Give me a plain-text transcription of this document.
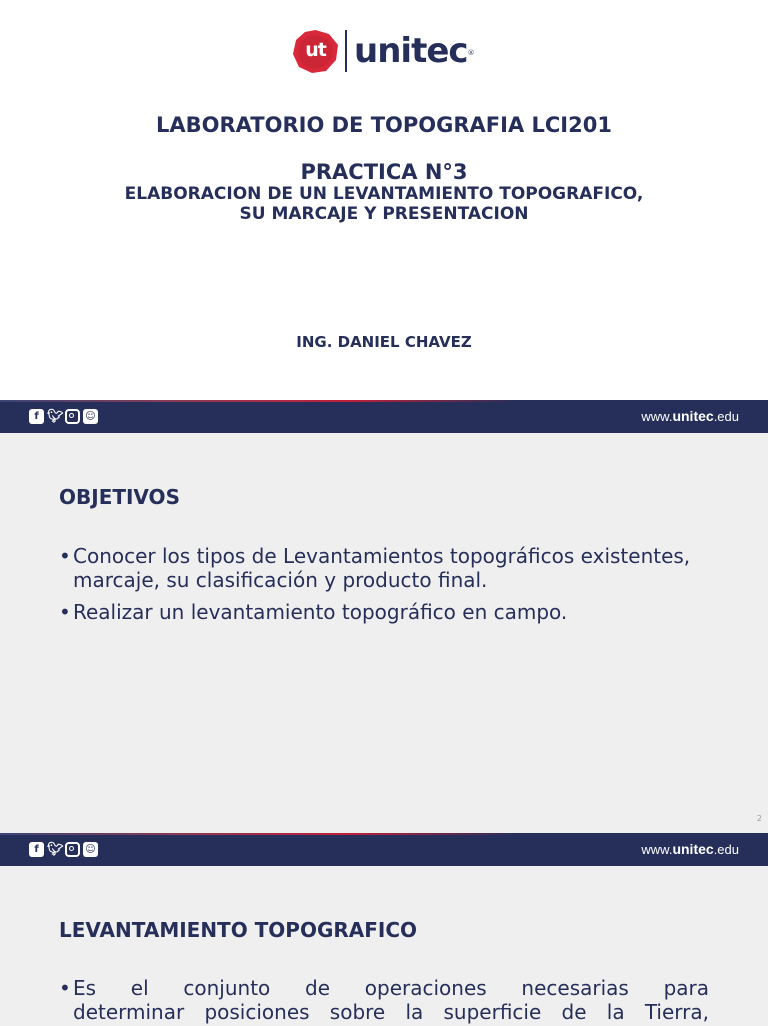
ut unitec ®
LABORATORIO DE TOPOGRAFIA LCI201
PRACTICA N°3
ELABORACION DE UN LEVANTAMIENTO TOPOGRAFICO,
SU MARCAJE Y PRESENTACION
ING. DANIEL CHAVEZ
f 🐦︎ ☺︎	www.unitec.edu
OBJETIVOS
• Conocer los tipos de Levantamientos topográficos existentes, marcaje, su clasificación y producto final.
• Realizar un levantamiento topográfico en campo.
2
f 🐦︎ ☺︎	www.unitec.edu
LEVANTAMIENTO TOPOGRAFICO
• Es el conjunto de operaciones necesarias para
determinar posiciones sobre la superficie de la Tierra,
